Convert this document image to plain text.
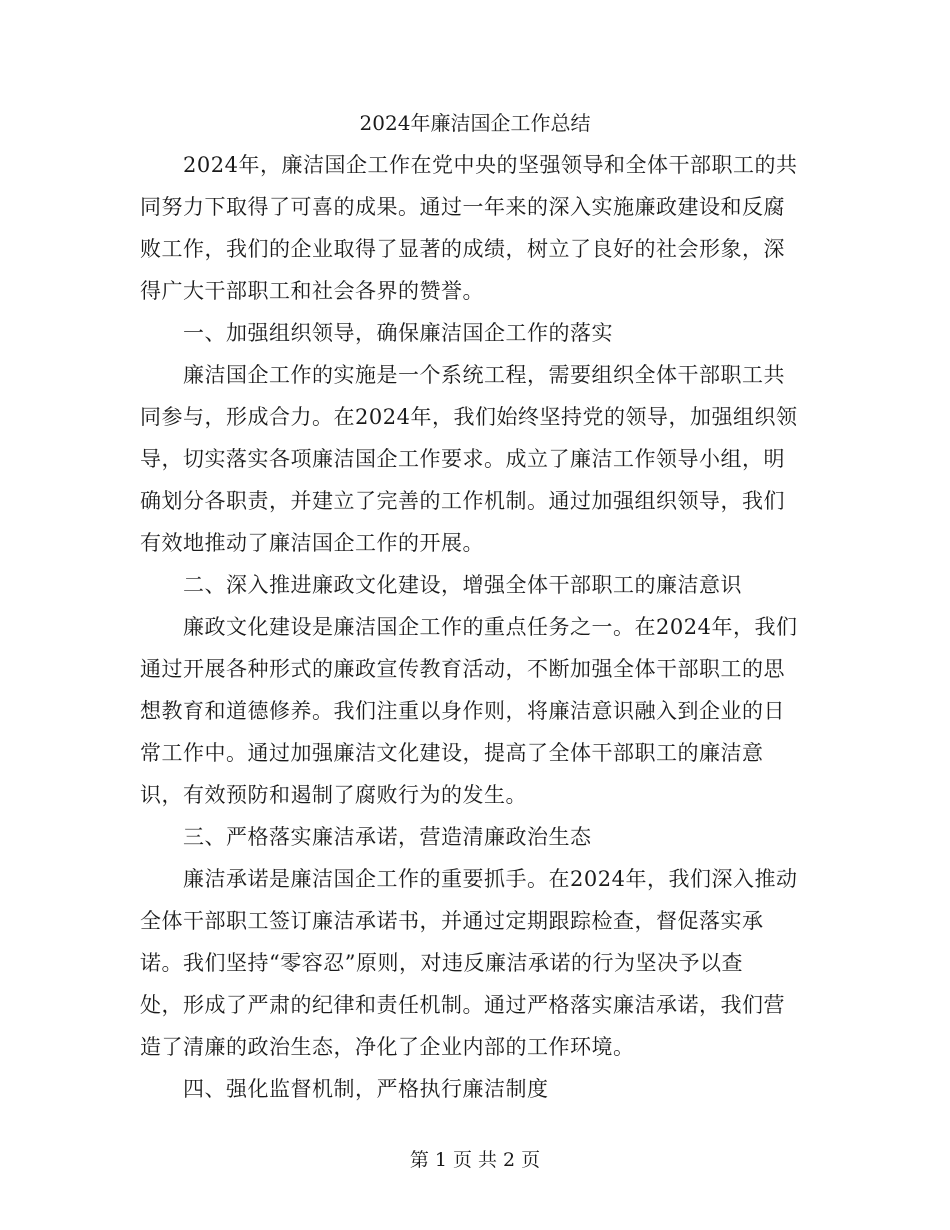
2024年廉洁国企工作总结
2024年，廉洁国企工作在党中央的坚强领导和全体干部职工的共
同努力下取得了可喜的成果。通过一年来的深入实施廉政建设和反腐
败工作，我们的企业取得了显著的成绩，树立了良好的社会形象，深
得广大干部职工和社会各界的赞誉。
一、加强组织领导，确保廉洁国企工作的落实
廉洁国企工作的实施是一个系统工程，需要组织全体干部职工共
同参与，形成合力。在2024年，我们始终坚持党的领导，加强组织领
导，切实落实各项廉洁国企工作要求。成立了廉洁工作领导小组，明
确划分各职责，并建立了完善的工作机制。通过加强组织领导，我们
有效地推动了廉洁国企工作的开展。
二、深入推进廉政文化建设，增强全体干部职工的廉洁意识
廉政文化建设是廉洁国企工作的重点任务之一。在2024年，我们
通过开展各种形式的廉政宣传教育活动，不断加强全体干部职工的思
想教育和道德修养。我们注重以身作则，将廉洁意识融入到企业的日
常工作中。通过加强廉洁文化建设，提高了全体干部职工的廉洁意
识，有效预防和遏制了腐败行为的发生。
三、严格落实廉洁承诺，营造清廉政治生态
廉洁承诺是廉洁国企工作的重要抓手。在2024年，我们深入推动
全体干部职工签订廉洁承诺书，并通过定期跟踪检查，督促落实承
诺。我们坚持“零容忍”原则，对违反廉洁承诺的行为坚决予以查
处，形成了严肃的纪律和责任机制。通过严格落实廉洁承诺，我们营
造了清廉的政治生态，净化了企业内部的工作环境。
四、强化监督机制，严格执行廉洁制度
第 1 页 共 2 页
